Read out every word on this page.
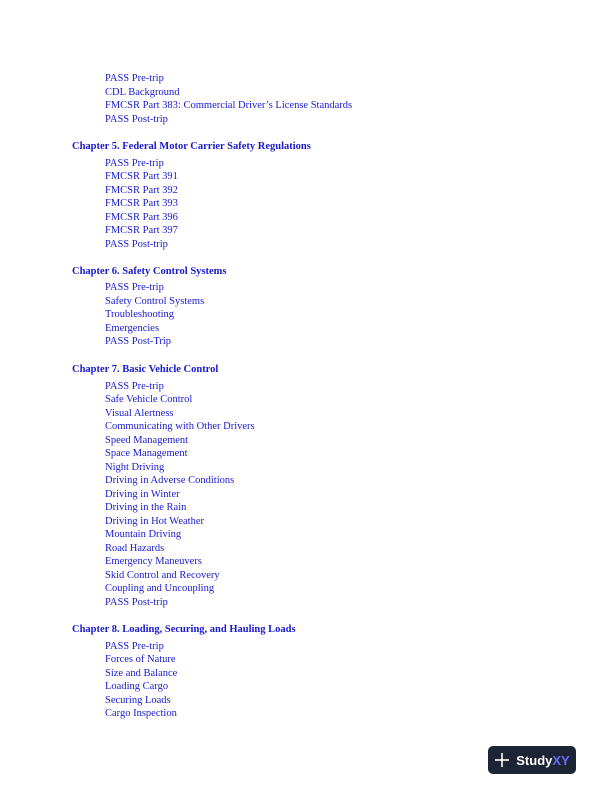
PASS Pre-trip
CDL Background
FMCSR Part 383: Commercial Driver’s License Standards
PASS Post-trip
Chapter 5. Federal Motor Carrier Safety Regulations
PASS Pre-trip
FMCSR Part 391
FMCSR Part 392
FMCSR Part 393
FMCSR Part 396
FMCSR Part 397
PASS Post-trip
Chapter 6. Safety Control Systems
PASS Pre-trip
Safety Control Systems
Troubleshooting
Emergencies
PASS Post-Trip
Chapter 7. Basic Vehicle Control
PASS Pre-trip
Safe Vehicle Control
Visual Alertness
Communicating with Other Drivers
Speed Management
Space Management
Night Driving
Driving in Adverse Conditions
Driving in Winter
Driving in the Rain
Driving in Hot Weather
Mountain Driving
Road Hazards
Emergency Maneuvers
Skid Control and Recovery
Coupling and Uncoupling
PASS Post-trip
Chapter 8. Loading, Securing, and Hauling Loads
PASS Pre-trip
Forces of Nature
Size and Balance
Loading Cargo
Securing Loads
Cargo Inspection
StudyXY
